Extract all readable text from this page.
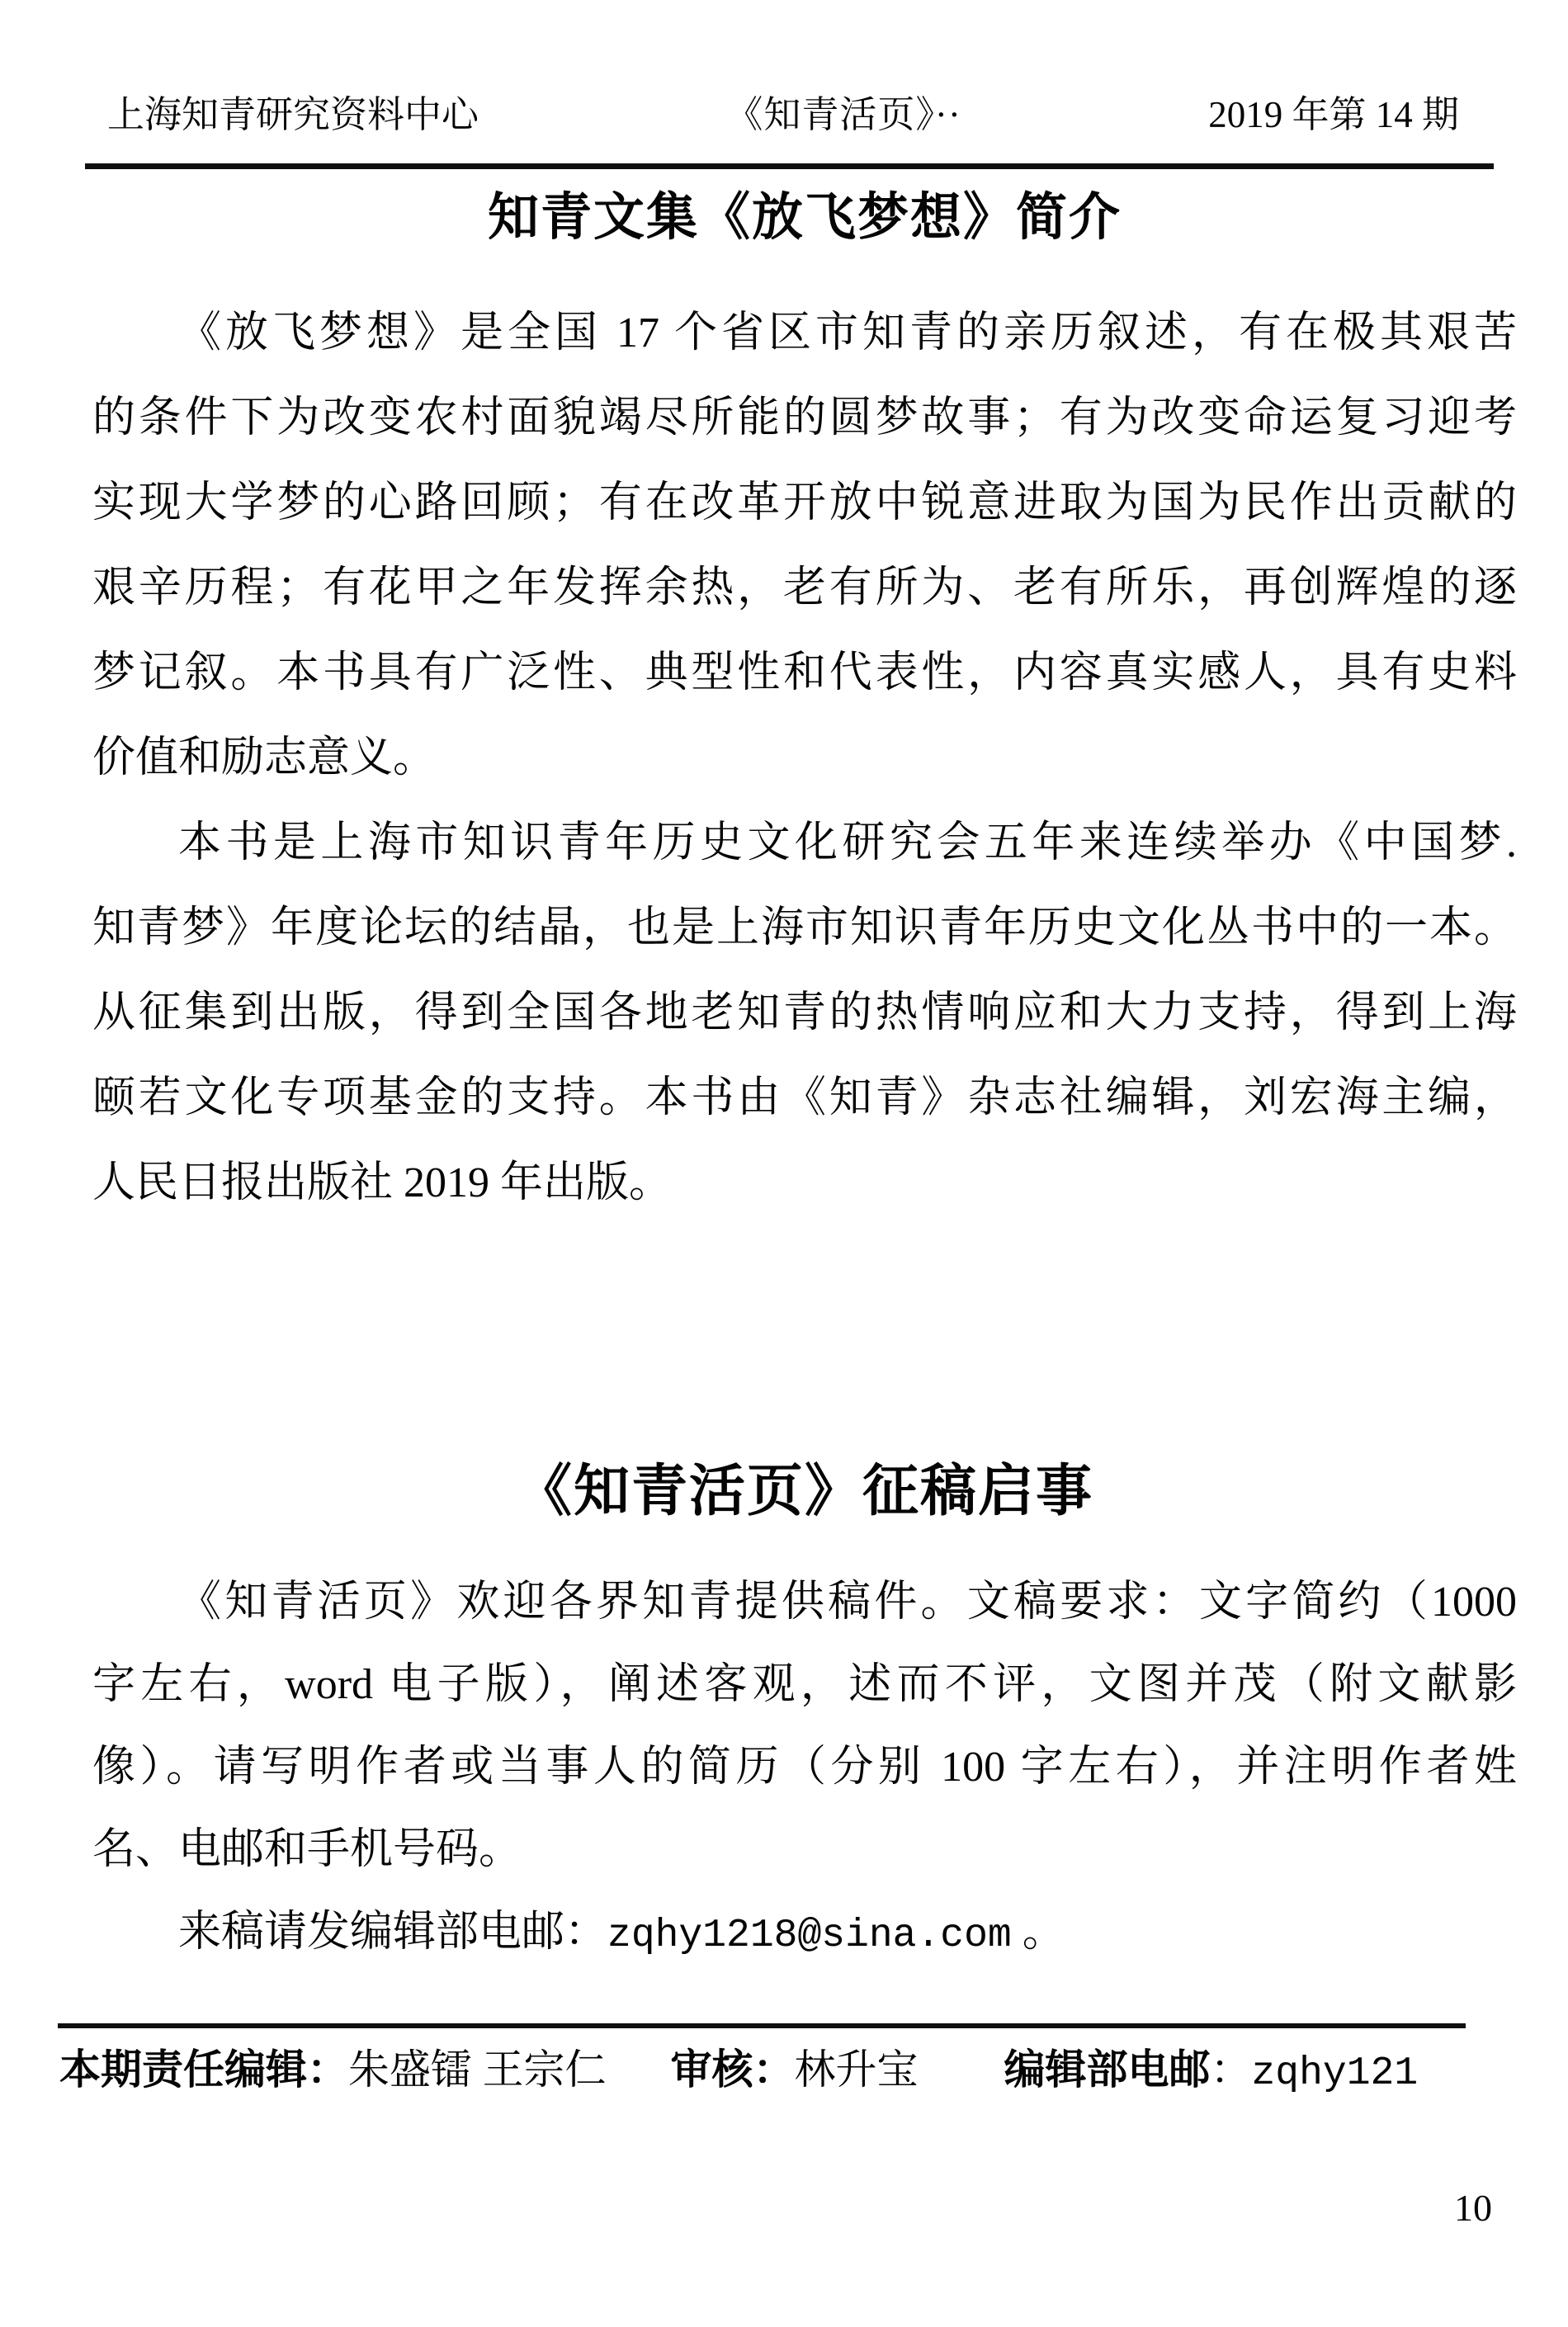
上海知青研究资料中心	《知青活页》··	2019 年第 14 期
知青文集《放飞梦想》简介
《放飞梦想》是全国 17 个省区市知青的亲历叙述，有在极其艰苦
的条件下为改变农村面貌竭尽所能的圆梦故事；有为改变命运复习迎考
实现大学梦的心路回顾；有在改革开放中锐意进取为国为民作出贡献的
艰辛历程；有花甲之年发挥余热，老有所为、老有所乐，再创辉煌的逐
梦记叙。本书具有广泛性、典型性和代表性，内容真实感人，具有史料
价值和励志意义。
本书是上海市知识青年历史文化研究会五年来连续举办《中国梦.
知青梦》年度论坛的结晶，也是上海市知识青年历史文化丛书中的一本。
从征集到出版，得到全国各地老知青的热情响应和大力支持，得到上海
颐若文化专项基金的支持。本书由《知青》杂志社编辑，刘宏海主编，
人民日报出版社 2019 年出版。
《知青活页》征稿启事
《知青活页》欢迎各界知青提供稿件。文稿要求：文字简约（1000
字左右，word 电子版），阐述客观，述而不评，文图并茂（附文献影
像）。请写明作者或当事人的简历（分别 100 字左右），并注明作者姓
名、电邮和手机号码。
来稿请发编辑部电邮：zqhy1218@sina.com 。
本期责任编辑：朱盛镭 王宗仁 审核：林升宝 编辑部电邮：zqhy121
10
